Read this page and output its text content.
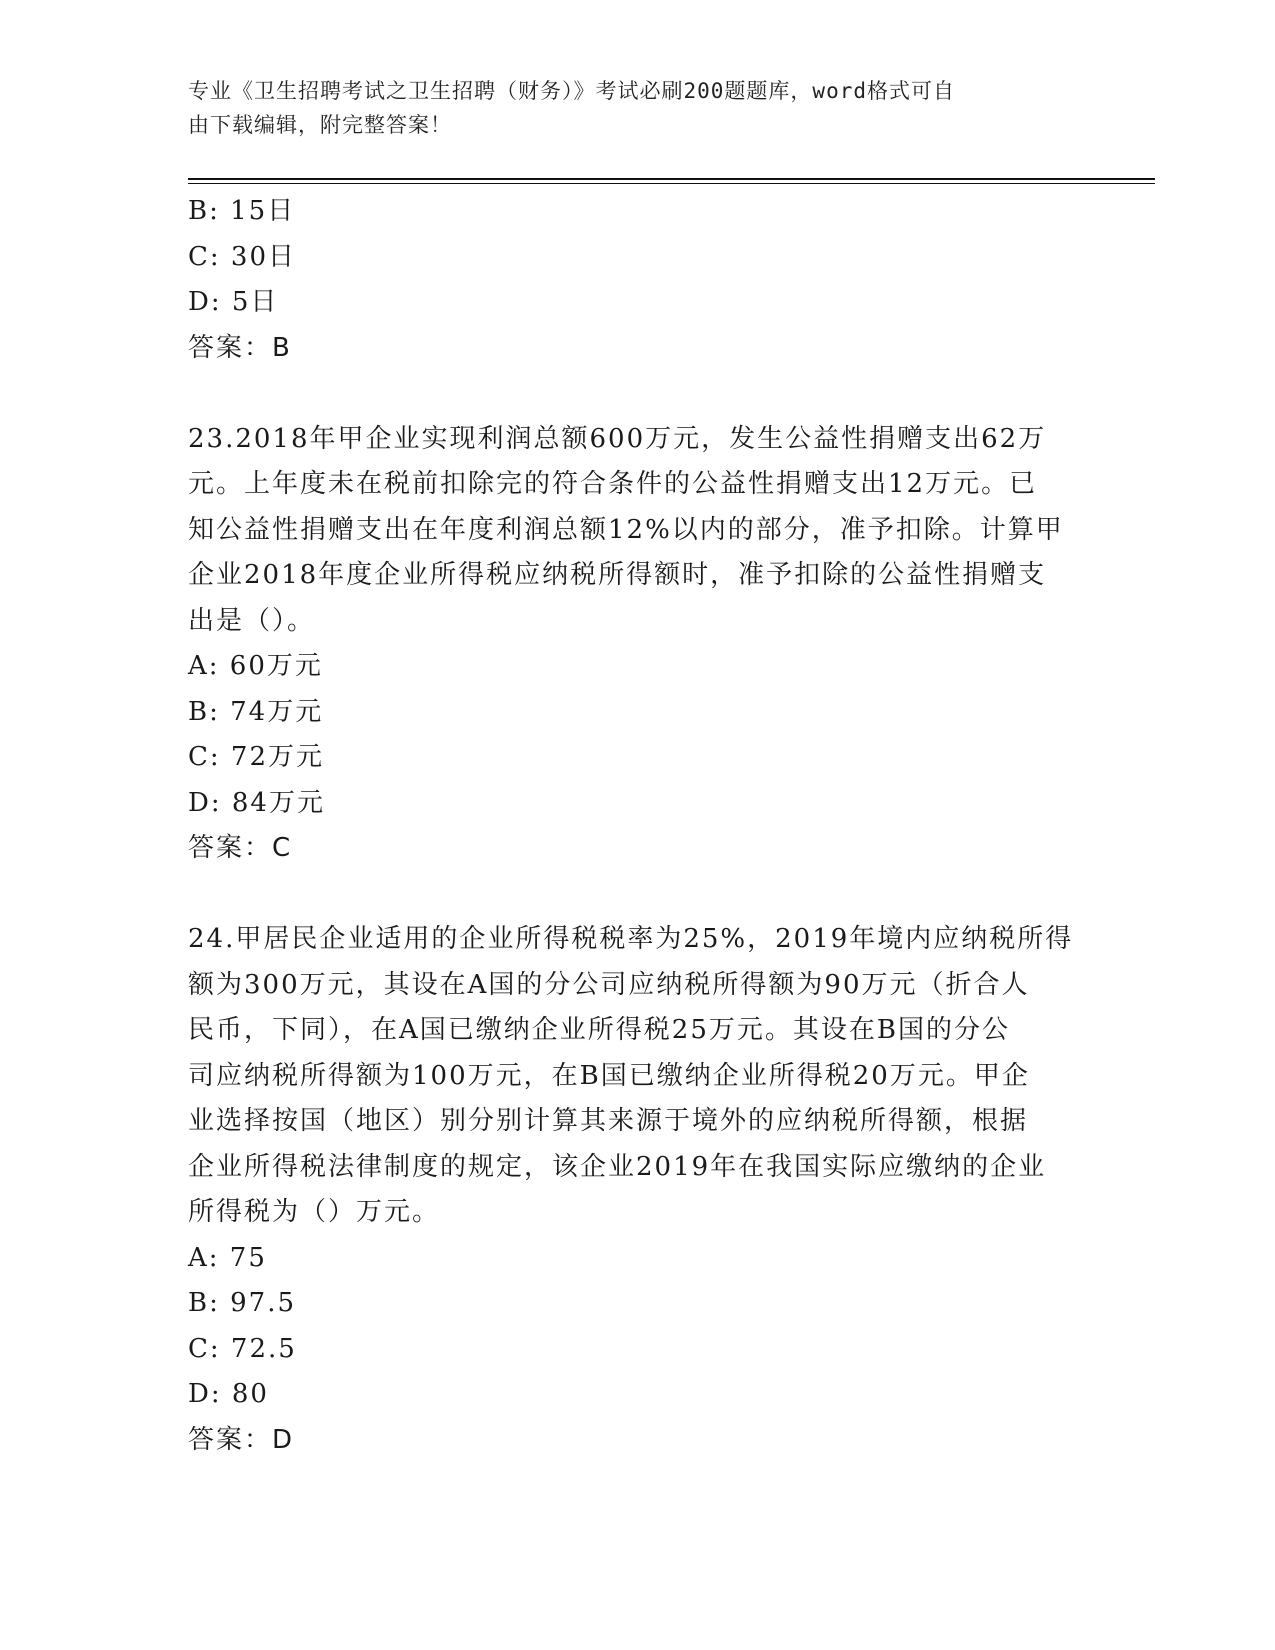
专业《卫生招聘考试之卫生招聘（财务）》考试必刷200题题库，word格式可自
由下载编辑，附完整答案！
B: 15日
C: 30日
D: 5日
答案：B
23.2018年甲企业实现利润总额600万元，发生公益性捐赠支出62万
元。上年度未在税前扣除完的符合条件的公益性捐赠支出12万元。已
知公益性捐赠支出在年度利润总额12%以内的部分，准予扣除。计算甲
企业2018年度企业所得税应纳税所得额时，准予扣除的公益性捐赠支
出是（）。
A: 60万元
B: 74万元
C: 72万元
D: 84万元
答案：C
24.甲居民企业适用的企业所得税税率为25%，2019年境内应纳税所得
额为300万元，其设在A国的分公司应纳税所得额为90万元（折合人
民币，下同），在A国已缴纳企业所得税25万元。其设在B国的分公
司应纳税所得额为100万元，在B国已缴纳企业所得税20万元。甲企
业选择按国（地区）别分别计算其来源于境外的应纳税所得额，根据
企业所得税法律制度的规定，该企业2019年在我国实际应缴纳的企业
所得税为（）万元。
A: 75
B: 97.5
C: 72.5
D: 80
答案：D
